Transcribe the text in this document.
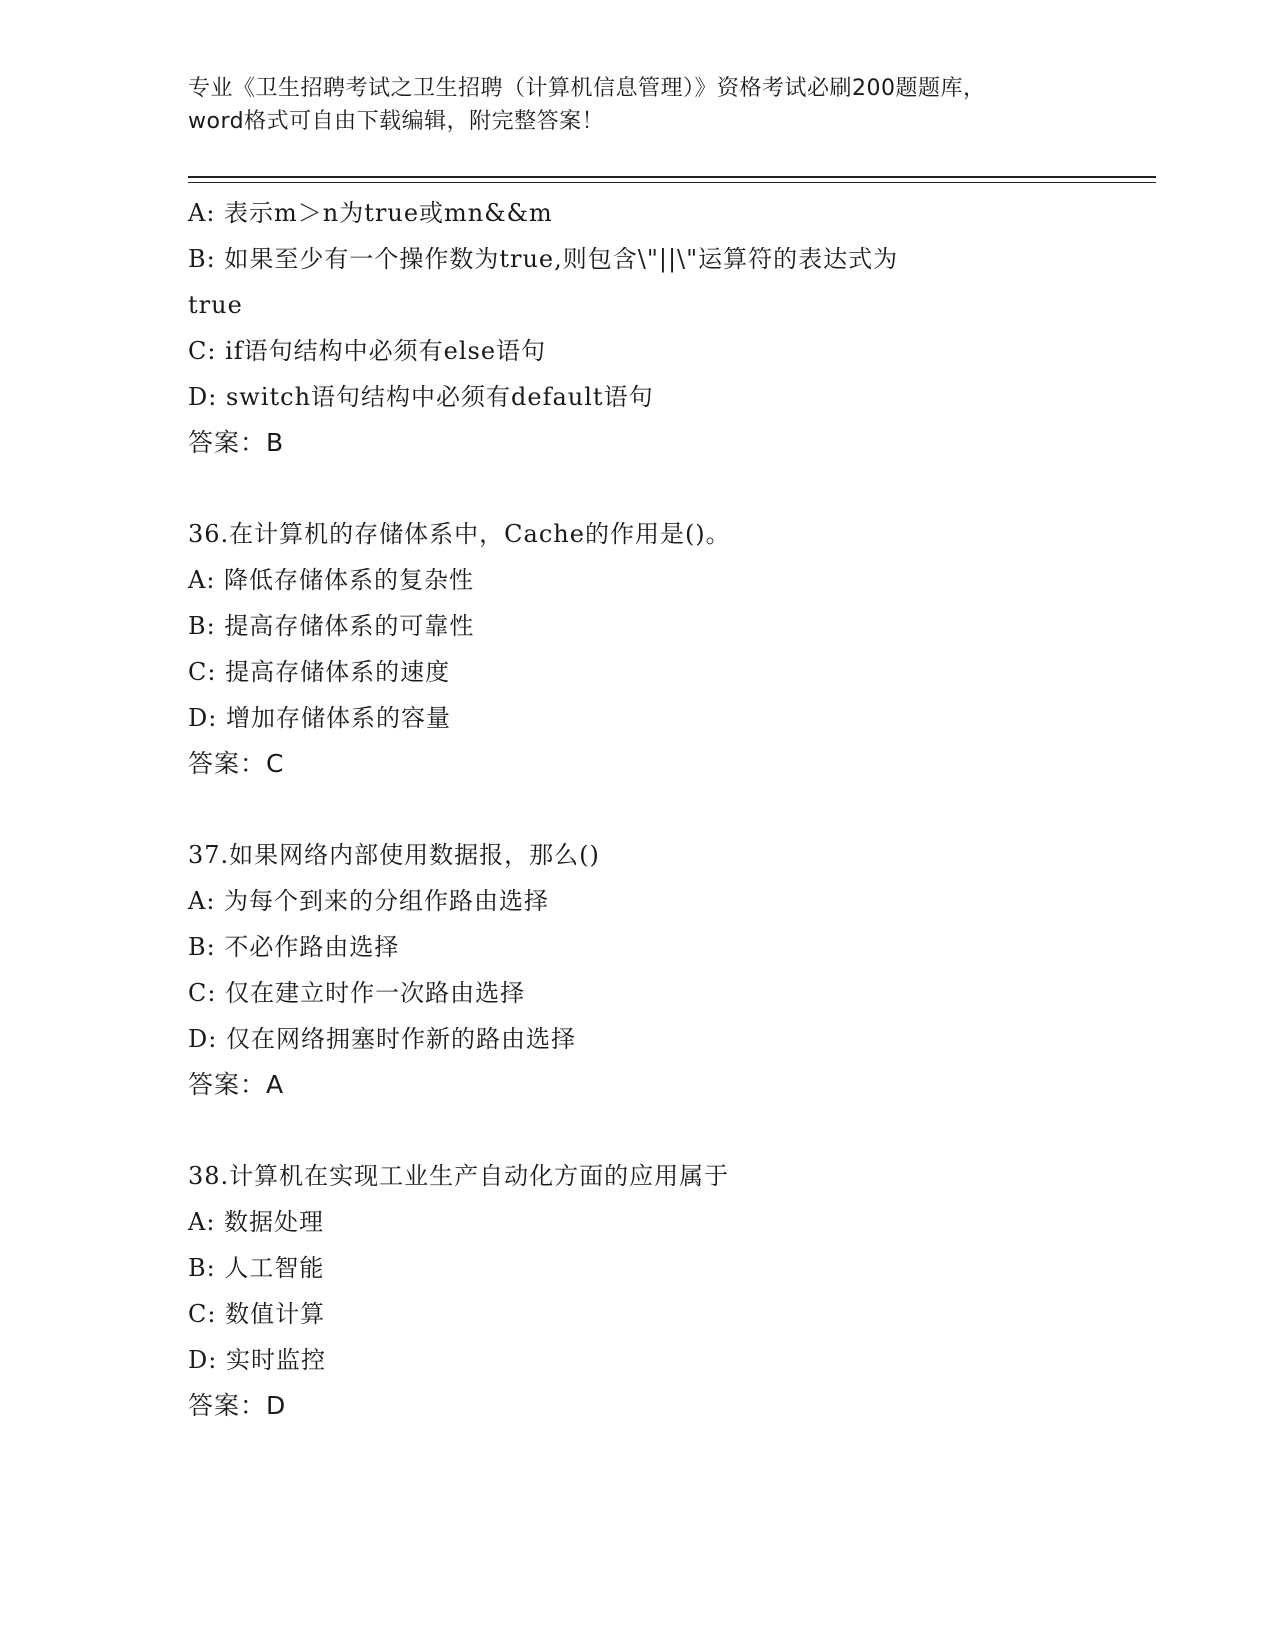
专业《卫生招聘考试之卫生招聘（计算机信息管理）》资格考试必刷200题题库，
word格式可自由下载编辑，附完整答案！
A: 表示m＞n为true或mn&&m
B: 如果至少有一个操作数为true,则包含\"||\"运算符的表达式为
true
C: if语句结构中必须有else语句
D: switch语句结构中必须有default语句
答案：B
36.在计算机的存储体系中，Cache的作用是()。
A: 降低存储体系的复杂性
B: 提高存储体系的可靠性
C: 提高存储体系的速度
D: 增加存储体系的容量
答案：C
37.如果网络内部使用数据报，那么()
A: 为每个到来的分组作路由选择
B: 不必作路由选择
C: 仅在建立时作一次路由选择
D: 仅在网络拥塞时作新的路由选择
答案：A
38.计算机在实现工业生产自动化方面的应用属于
A: 数据处理
B: 人工智能
C: 数值计算
D: 实时监控
答案：D
